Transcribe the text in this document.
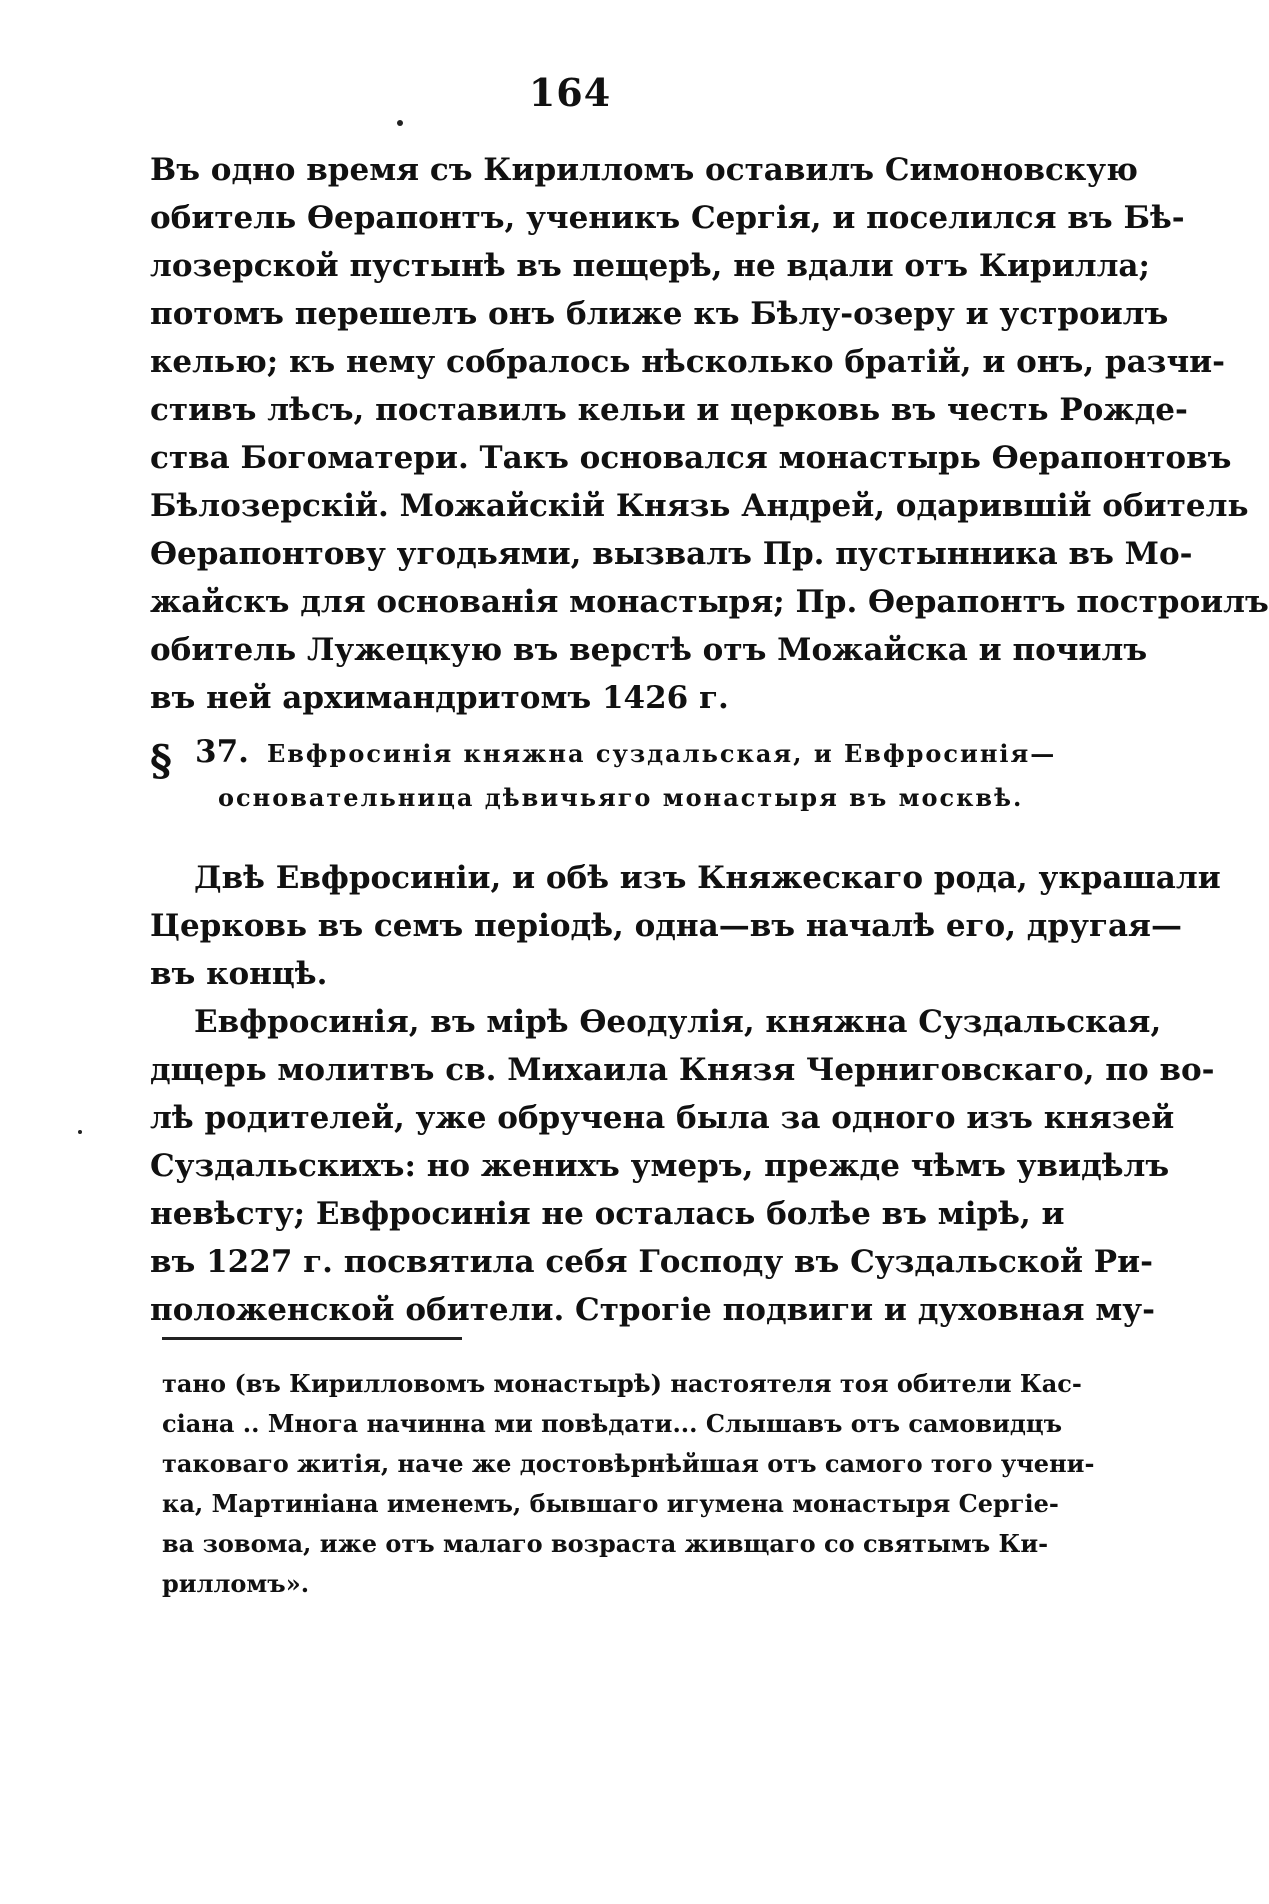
164
Въ одно время съ Кирилломъ оставилъ Симоновскую
обитель Ѳерапонтъ, ученикъ Сергія, и поселился въ Бѣ-
лозерской пустынѣ въ пещерѣ, не вдали отъ Кирилла;
потомъ перешелъ онъ ближе къ Бѣлу-озеру и устроилъ
келью; къ нему собралось нѣсколько братій, и онъ, разчи-
стивъ лѣсъ, поставилъ кельи и церковь въ честь Рожде-
ства Богоматери. Такъ основался монастырь Ѳерапонтовъ
Бѣлозерскій. Можайскій Князь Андрей, одарившій обитель
Ѳерапонтову угодьями, вызвалъ Пр. пустынника въ Мо-
жайскъ для основанія монастыря; Пр. Ѳерапонтъ построилъ
обитель Лужецкую въ верстѣ отъ Можайска и почилъ
въ ней архимандритомъ 1426 г.
§ 37. Евфросинія княжна суздальская, и Евфросинія—
основательница дѣвичьяго монастыря въ москвѣ.
Двѣ Евфросиніи, и обѣ изъ Княжескаго рода, украшали
Церковь въ семъ періодѣ, одна—въ началѣ его, другая—
въ концѣ.
Евфросинія, въ мірѣ Ѳеодулія, княжна Суздальская,
дщерь молитвъ св. Михаила Князя Черниговскаго, по во-
лѣ родителей, уже обручена была за одного изъ князей
Суздальскихъ: но женихъ умеръ, прежде чѣмъ увидѣлъ
невѣсту; Евфросинія не осталась болѣе въ мірѣ, и
въ 1227 г. посвятила себя Господу въ Суздальской Ри-
положенской обители. Строгіе подвиги и духовная му-
тано (въ Кирилловомъ монастырѣ) настоятеля тоя обители Кас-
сіана .. Многа начинна ми повѣдати... Слышавъ отъ самовидцъ
таковаго житія, наче же достовѣрнѣйшая отъ самого того учени-
ка, Мартиніана именемъ, бывшаго игумена монастыря Сергіе-
ва зовома, иже отъ малаго возраста живщаго со святымъ Ки-
рилломъ».
